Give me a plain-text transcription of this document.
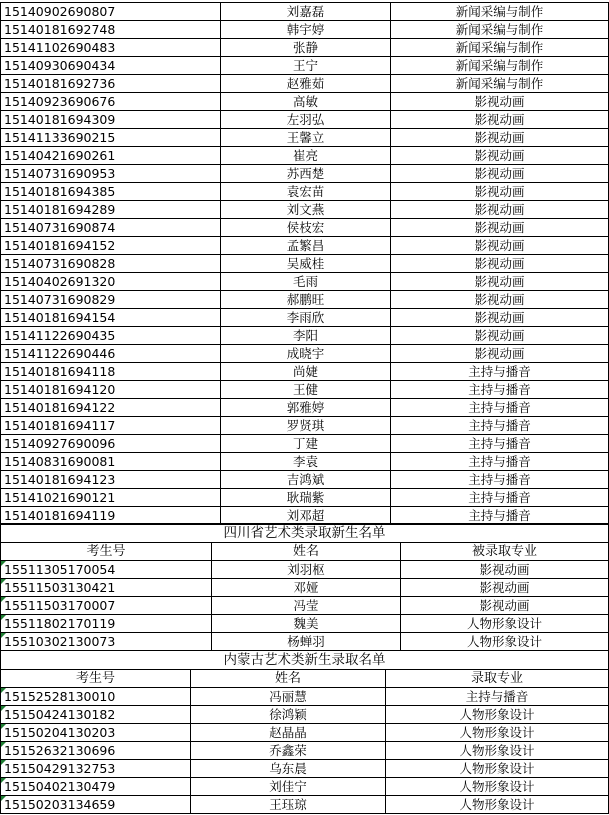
15140902690807	刘嘉磊	新闻采编与制作
15140181692748	韩宇婷	新闻采编与制作
15141102690483	张静	新闻采编与制作
15140930690434	王宁	新闻采编与制作
15140181692736	赵雅茹	新闻采编与制作
15140923690676	高敏	影视动画
15140181694309	左羽弘	影视动画
15141133690215	王馨立	影视动画
15140421690261	崔亮	影视动画
15140731690953	苏西楚	影视动画
15140181694385	袁宏苗	影视动画
15140181694289	刘文燕	影视动画
15140731690874	侯枝宏	影视动画
15140181694152	孟繁昌	影视动画
15140731690828	吴威桂	影视动画
15140402691320	毛雨	影视动画
15140731690829	郝鹏旺	影视动画
15140181694154	李雨欣	影视动画
15141122690435	李阳	影视动画
15141122690446	成晓宇	影视动画
15140181694118	尚婕	主持与播音
15140181694120	王健	主持与播音
15140181694122	郭雅婷	主持与播音
15140181694117	罗贤琪	主持与播音
15140927690096	丁建	主持与播音
15140831690081	李袁	主持与播音
15140181694123	吉鸿斌	主持与播音
15141021690121	耿瑞紫	主持与播音
15140181694119	刘邓超	主持与播音
四川省艺术类录取新生名单		
考生号	姓名	被录取专业
15511305170054	刘羽枢	影视动画
15511503130421	邓娅	影视动画
15511503170007	冯莹	影视动画
15511802170119	魏美	人物形象设计
15510302130073	杨蝉羽	人物形象设计
内蒙古艺术类新生录取名单		
考生号	姓名	录取专业
15152528130010	冯丽慧	主持与播音
15150424130182	徐鸿颖	人物形象设计
15150204130203	赵晶晶	人物形象设计
15152632130696	乔鑫荣	人物形象设计
15150429132753	乌东晨	人物形象设计
15150402130479	刘佳宁	人物形象设计
15150203134659	王珏琼	人物形象设计
